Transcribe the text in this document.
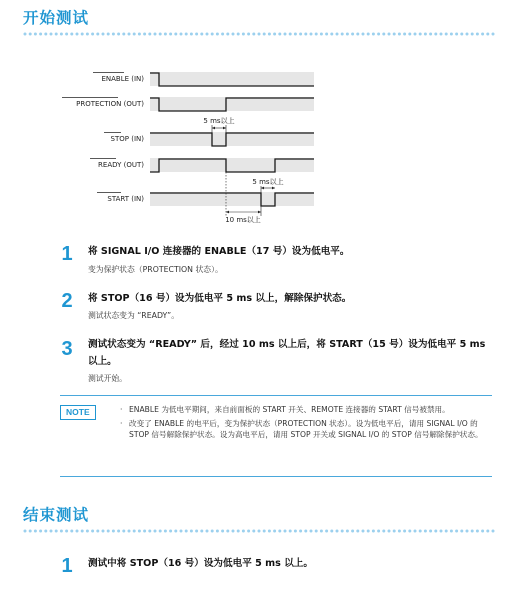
开始测试
ENABLE (IN)
PROTECTION (OUT)
STOP (IN)
READY (OUT)
START (IN)
5 ms以上
5 ms以上
10 ms以上
1 将 SIGNAL I/O 连接器的 ENABLE（17 号）设为低电平。

变为保护状态（PROTECTION 状态）。

2 将 STOP（16 号）设为低电平 5 ms 以上，解除保护状态。

测试状态变为 “READY”。

3 测试状态变为 “READY” 后，经过 10 ms 以上后，将 START（15 号）设为低电平 5 ms 以上。

测试开始。

NOTE
·	ENABLE 为低电平期间，来自前面板的 START 开关、REMOTE 连接器的 START 信号被禁用。
· 改变了 ENABLE 的电平后，变为保护状态（PROTECTION 状态）。设为低电平后，请用 SIGNAL I/O 的 STOP 信号解除保护状态。设为高电平后，请用 STOP 开关或 SIGNAL I/O 的 STOP 信号解除保护状态。
结束测试
1 测试中将 STOP（16 号）设为低电平 5 ms 以上。
